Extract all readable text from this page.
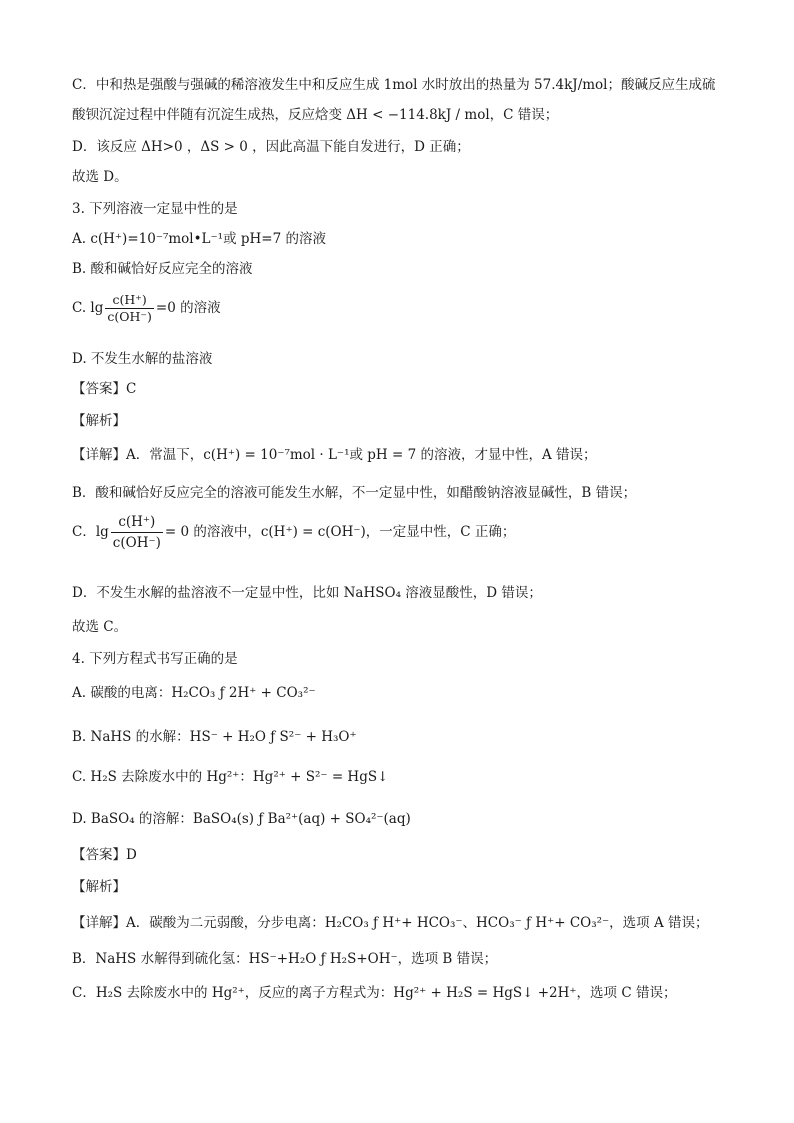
C．中和热是强酸与强碱的稀溶液发生中和反应生成 1mol 水时放出的热量为 57.4kJ/mol；酸碱反应生成硫
酸钡沉淀过程中伴随有沉淀生成热，反应焓变 ΔH < −114.8kJ / mol，C 错误；
D．该反应 ΔH>0 ，ΔS > 0 ，因此高温下能自发进行，D 正确；
故选 D。
3. 下列溶液一定显中性的是
A. c(H⁺)=10⁻⁷mol•L⁻¹或 pH=7 的溶液
B. 酸和碱恰好反应完全的溶液
C. $\lg \frac{c(H^+)}{c(OH^-)} =0$ 的溶液
D. 不发生水解的盐溶液
【答案】C
【解析】
【详解】A．常温下，c(H⁺) = 10⁻⁷mol · L⁻¹或 pH = 7 的溶液，才显中性，A 错误；
B．酸和碱恰好反应完全的溶液可能发生水解，不一定显中性，如醋酸钠溶液显碱性，B 错误；
C．$\lg \frac{c(H^+)}{c(OH^-)} = 0$ 的溶液中，c(H⁺) = c(OH⁻)，一定显中性，C 正确；
D．不发生水解的盐溶液不一定显中性，比如 NaHSO₄ 溶液显酸性，D 错误；
故选 C。
4. 下列方程式书写正确的是
A. 碳酸的电离：H₂CO₃ ƒ 2H⁺ + CO₃²⁻
B. NaHS 的水解：HS⁻ + H₂O ƒ S²⁻ + H₃O⁺
C. H₂S 去除废水中的 Hg²⁺：Hg²⁺ + S²⁻ = HgS↓
D. BaSO₄ 的溶解：BaSO₄(s) ƒ Ba²⁺(aq) + SO₄²⁻(aq)
【答案】D
【解析】
【详解】A．碳酸为二元弱酸，分步电离：H₂CO₃ ƒ H⁺+ HCO₃⁻、HCO₃⁻ ƒ H⁺+ CO₃²⁻，选项 A 错误；
B．NaHS 水解得到硫化氢：HS⁻+H₂O ƒ H₂S+OH⁻，选项 B 错误；
C．H₂S 去除废水中的 Hg²⁺，反应的离子方程式为：Hg²⁺ + H₂S = HgS↓ +2H⁺，选项 C 错误；
